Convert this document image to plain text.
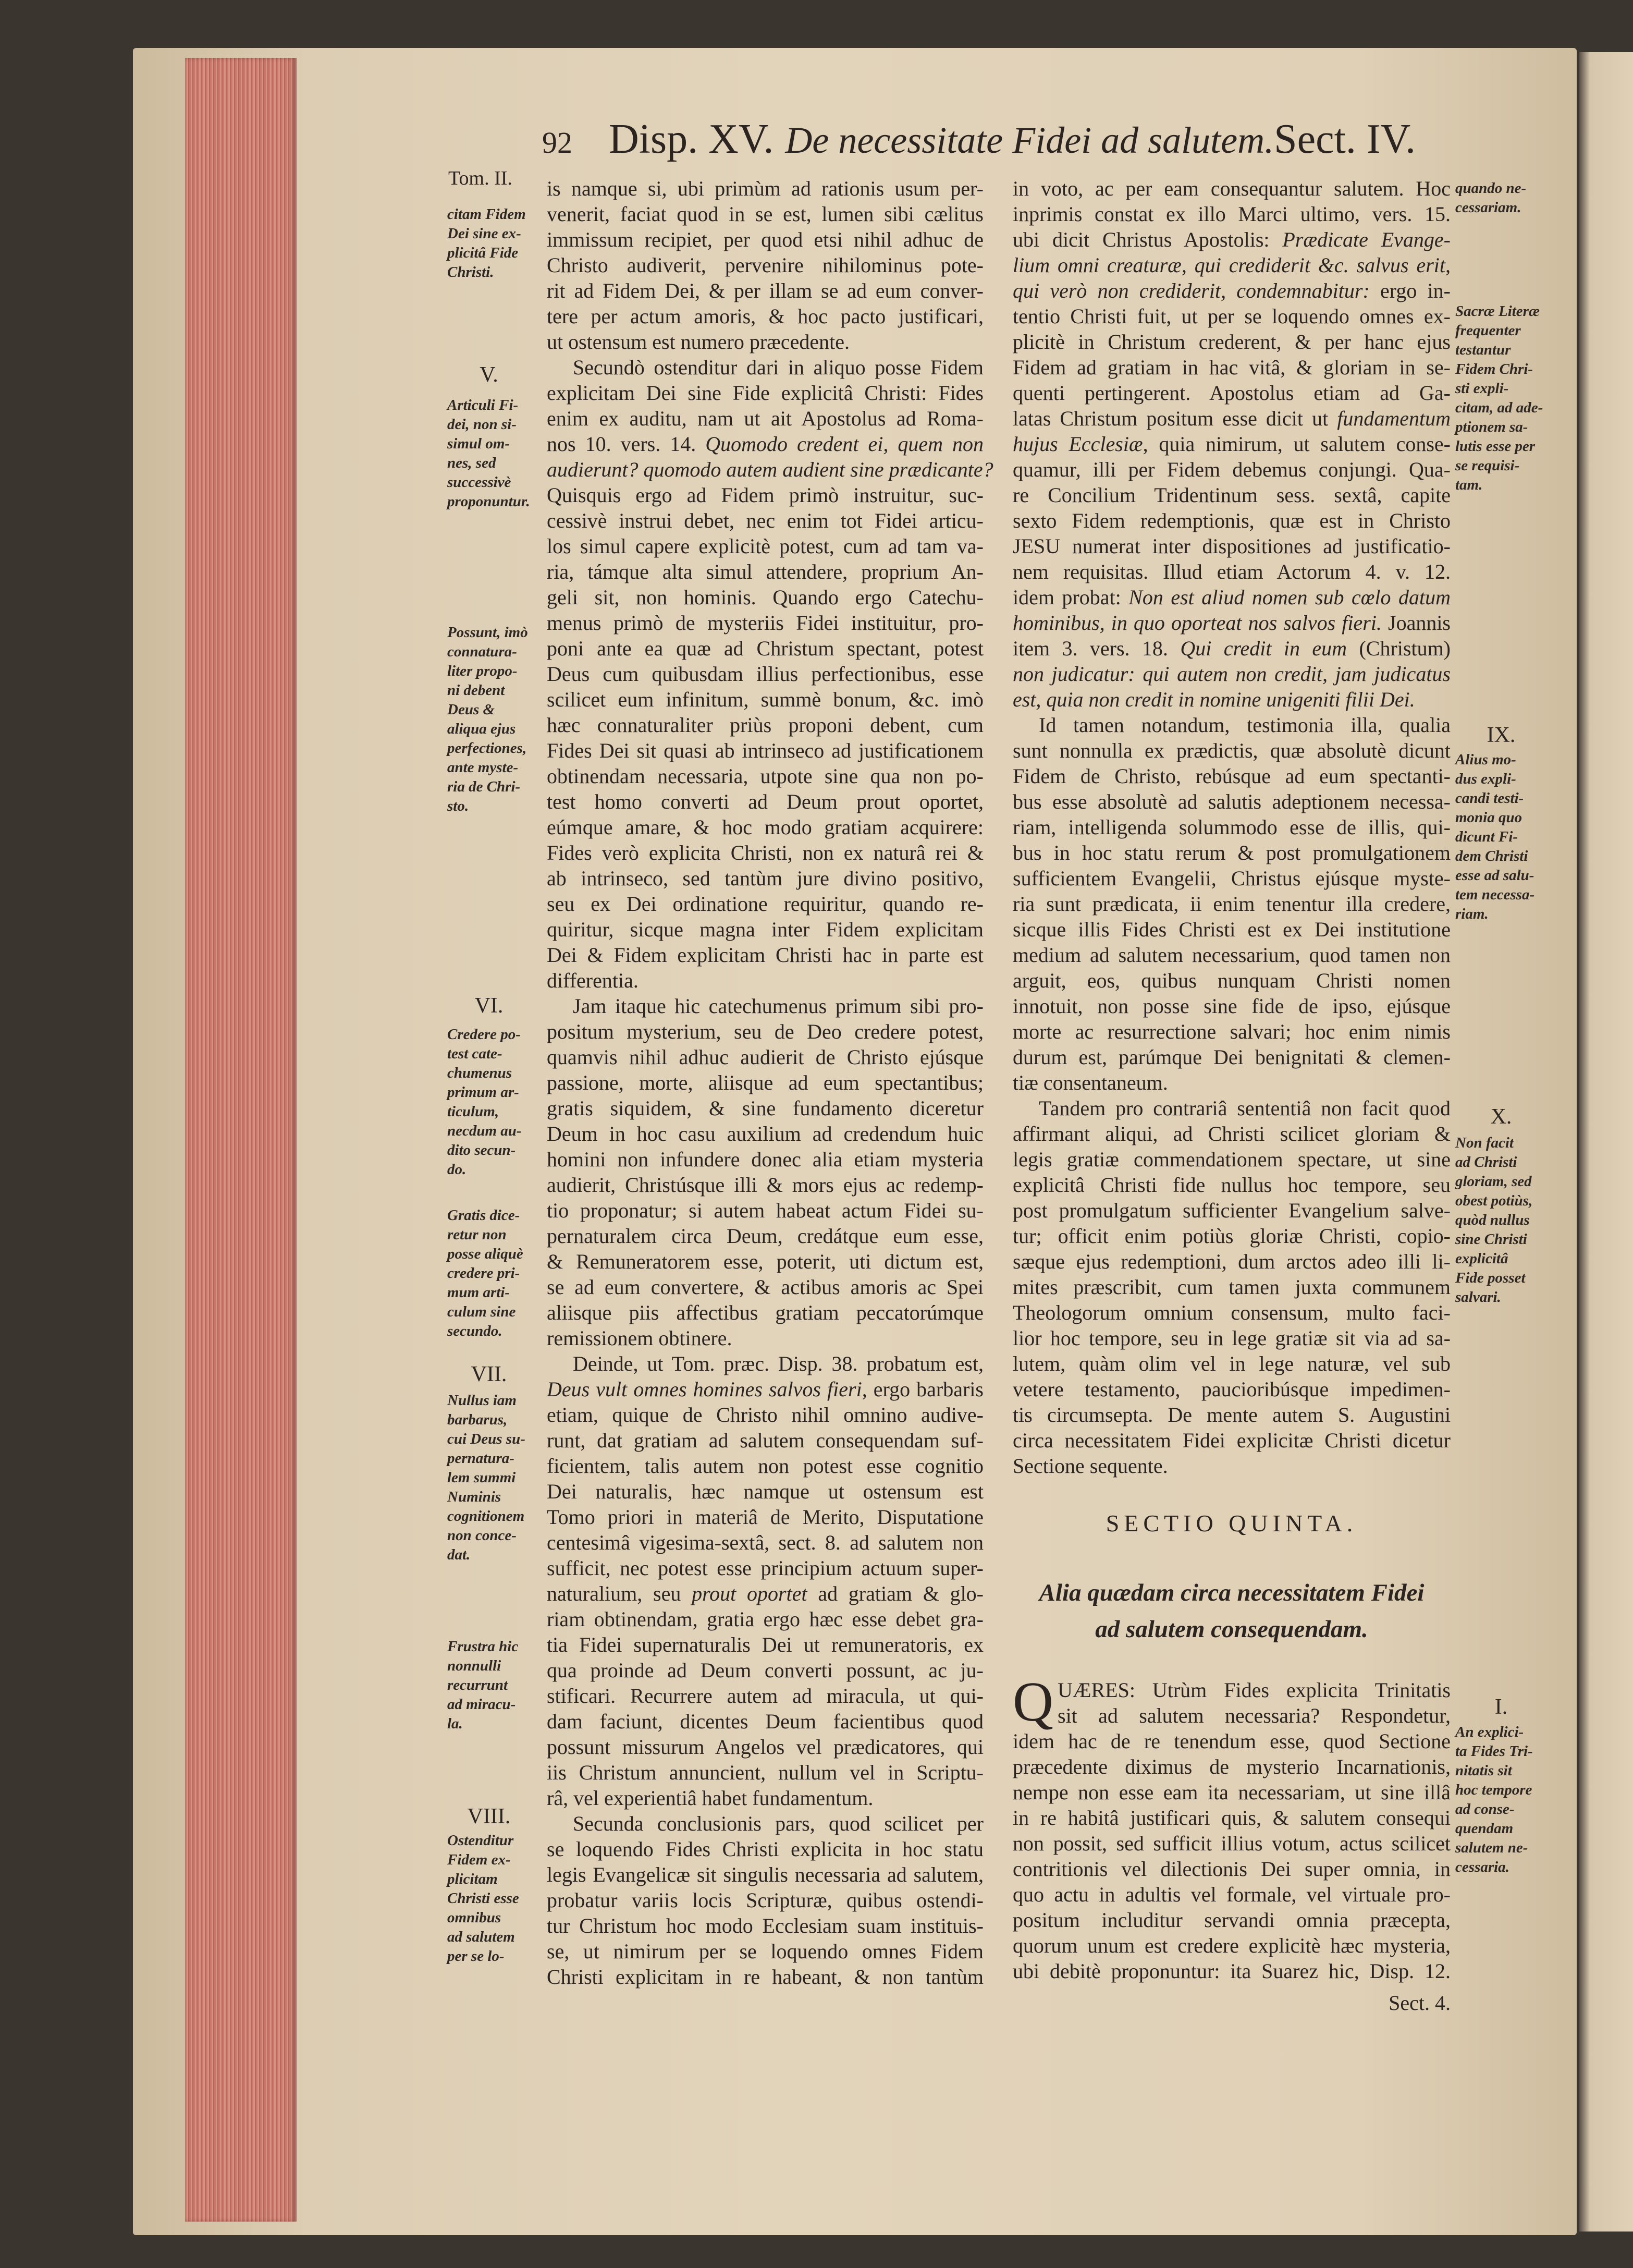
92 Disp. XV. De necessitate Fidei ad salutem. Sect. IV.
Tom. II. is namque si, ubi primùm ad rationis usum per-
venerit, faciat quod in se est, lumen sibi cælitus
immissum recipiet, per quod etsi nihil adhuc de
Christo audiverit, pervenire nihilominus pote-
rit ad Fidem Dei, & per illam se ad eum conver-
tere per actum amoris, & hoc pacto justificari,
ut ostensum est numero præcedente.
Secundò ostenditur dari in aliquo posse Fidem
explicitam Dei sine Fide explicitâ Christi: Fides
enim ex auditu, nam ut ait Apostolus ad Roma-
nos 10. vers. 14. Quomodo credent ei, quem non
audierunt? quomodo autem audient sine prædicante?
Quisquis ergo ad Fidem primò instruitur, suc-
cessivè instrui debet, nec enim tot Fidei articu-
los simul capere explicitè potest, cum ad tam va-
ria, támque alta simul attendere, proprium An-
geli sit, non hominis. Quando ergo Catechu-
menus primò de mysteriis Fidei instituitur, pro-
poni ante ea quæ ad Christum spectant, potest
Deus cum quibusdam illius perfectionibus, esse
scilicet eum infinitum, summè bonum, &c. imò
hæc connaturaliter priùs proponi debent, cum
Fides Dei sit quasi ab intrinseco ad justificationem
obtinendam necessaria, utpote sine qua non po-
test homo converti ad Deum prout oportet,
eúmque amare, & hoc modo gratiam acquirere:
Fides verò explicita Christi, non ex naturâ rei &
ab intrinseco, sed tantùm jure divino positivo,
seu ex Dei ordinatione requiritur, quando re-
quiritur, sicque magna inter Fidem explicitam
Dei & Fidem explicitam Christi hac in parte est
differentia.
Jam itaque hic catechumenus primum sibi pro-
positum mysterium, seu de Deo credere potest,
quamvis nihil adhuc audierit de Christo ejúsque
passione, morte, aliisque ad eum spectantibus;
gratis siquidem, & sine fundamento diceretur
Deum in hoc casu auxilium ad credendum huic
homini non infundere donec alia etiam mysteria
audierit, Christúsque illi & mors ejus ac redemp-
tio proponatur; si autem habeat actum Fidei su-
pernaturalem circa Deum, credátque eum esse,
& Remuneratorem esse, poterit, uti dictum est,
se ad eum convertere, & actibus amoris ac Spei
aliisque piis affectibus gratiam peccatorúmque
remissionem obtinere.
Deinde, ut Tom. præc. Disp. 38. probatum est,
Deus vult omnes homines salvos fieri, ergo barbaris
etiam, quique de Christo nihil omnino audive-
runt, dat gratiam ad salutem consequendam suf-
ficientem, talis autem non potest esse cognitio
Dei naturalis, hæc namque ut ostensum est
Tomo priori in materiâ de Merito, Disputatione
centesimâ vigesima-sextâ, sect. 8. ad salutem non
sufficit, nec potest esse principium actuum super-
naturalium, seu prout oportet ad gratiam & glo-
riam obtinendam, gratia ergo hæc esse debet gra-
tia Fidei supernaturalis Dei ut remuneratoris, ex
qua proinde ad Deum converti possunt, ac ju-
stificari. Recurrere autem ad miracula, ut qui-
dam faciunt, dicentes Deum facientibus quod
possunt missurum Angelos vel prædicatores, qui
iis Christum annuncient, nullum vel in Scriptu-
râ, vel experientiâ habet fundamentum.
Secunda conclusionis pars, quod scilicet per
se loquendo Fides Christi explicita in hoc statu
legis Evangelicæ sit singulis necessaria ad salutem,
probatur variis locis Scripturæ, quibus ostendi-
tur Christum hoc modo Ecclesiam suam instituis-
se, ut nimirum per se loquendo omnes Fidem
Christi explicitam in re habeant, & non tantùm
in voto, ac per eam consequantur salutem. Hoc
inprimis constat ex illo Marci ultimo, vers. 15.
ubi dicit Christus Apostolis: Prædicate Evange-
lium omni creaturæ, qui crediderit &c. salvus erit,
qui verò non crediderit, condemnabitur: ergo in-
tentio Christi fuit, ut per se loquendo omnes ex-
plicitè in Christum crederent, & per hanc ejus
Fidem ad gratiam in hac vitâ, & gloriam in se-
quenti pertingerent. Apostolus etiam ad Ga-
latas Christum positum esse dicit ut fundamentum
hujus Ecclesiæ, quia nimirum, ut salutem conse-
quamur, illi per Fidem debemus conjungi. Qua-
re Concilium Tridentinum sess. sextâ, capite
sexto Fidem redemptionis, quæ est in Christo
JESU numerat inter dispositiones ad justificatio-
nem requisitas. Illud etiam Actorum 4. v. 12.
idem probat: Non est aliud nomen sub cœlo datum
hominibus, in quo oporteat nos salvos fieri. Joannis
item 3. vers. 18. Qui credit in eum (Christum)
non judicatur: qui autem non credit, jam judicatus
est, quia non credit in nomine unigeniti filii Dei.
Id tamen notandum, testimonia illa, qualia
sunt nonnulla ex prædictis, quæ absolutè dicunt
Fidem de Christo, rebúsque ad eum spectanti-
bus esse absolutè ad salutis adeptionem necessa-
riam, intelligenda solummodo esse de illis, qui-
bus in hoc statu rerum & post promulgationem
sufficientem Evangelii, Christus ejúsque myste-
ria sunt prædicata, ii enim tenentur illa credere,
sicque illis Fides Christi est ex Dei institutione
medium ad salutem necessarium, quod tamen non
arguit, eos, quibus nunquam Christi nomen
innotuit, non posse sine fide de ipso, ejúsque
morte ac resurrectione salvari; hoc enim nimis
durum est, parúmque Dei benignitati & clemen-
tiæ consentaneum.
Tandem pro contrariâ sententiâ non facit quod
affirmant aliqui, ad Christi scilicet gloriam &
legis gratiæ commendationem spectare, ut sine
explicitâ Christi fide nullus hoc tempore, seu
post promulgatum sufficienter Evangelium salve-
tur; officit enim potiùs gloriæ Christi, copio-
sæque ejus redemptioni, dum arctos adeo illi li-
mites præscribit, cum tamen juxta communem
Theologorum omnium consensum, multo faci-
lior hoc tempore, seu in lege gratiæ sit via ad sa-
lutem, quàm olim vel in lege naturæ, vel sub
vetere testamento, paucioribúsque impedimen-
tis circumsepta. De mente autem S. Augustini
circa necessitatem Fidei explicitæ Christi dicetur
Sectione sequente.
SECTIO QUINTA.
Alia quædam circa necessitatem Fidei
ad salutem consequendam.
Q UÆRES: Utrùm Fides explicita Trinitatis
sit ad salutem necessaria? Respondetur,
idem hac de re tenendum esse, quod Sectione
præcedente diximus de mysterio Incarnationis,
nempe non esse eam ita necessariam, ut sine illâ
in re habitâ justificari quis, & salutem consequi
non possit, sed sufficit illius votum, actus scilicet
contritionis vel dilectionis Dei super omnia, in
quo actu in adultis vel formale, vel virtuale pro-
positum includitur servandi omnia præcepta,
quorum unum est credere explicitè hæc mysteria,
ubi debitè proponuntur: ita Suarez hic, Disp. 12.
Sect. 4.
citam Fidem
Dei sine ex-
plicitâ Fide
Christi.
V.
Articuli Fi-
dei, non si-
simul om-
nes, sed
successivè
proponuntur.
Possunt, imò
connatura-
liter propo-
ni debent
Deus &
aliqua ejus
perfectiones,
ante myste-
ria de Chri-
sto.
VI.
Credere po-
test cate-
chumenus
primum ar-
ticulum,
necdum au-
dito secun-
do.
Gratis dice-
retur non
posse aliquè
credere pri-
mum arti-
culum sine
secundo.
VII.
Nullus iam
barbarus,
cui Deus su-
pernatura-
lem summi
Numinis
cognitionem
non conce-
dat.
Frustra hic
nonnulli
recurrunt
ad miracu-
la.
VIII.
Ostenditur
Fidem ex-
plicitam
Christi esse
omnibus
ad salutem
per se lo-
quando ne-
cessariam.
Sacræ Literæ
frequenter
testantur
Fidem Chri-
sti expli-
citam, ad ade-
ptionem sa-
lutis esse per
se requisi-
tam.
IX.
Alius mo-
dus expli-
candi testi-
monia quo
dicunt Fi-
dem Christi
esse ad salu-
tem necessa-
riam.
X.
Non facit
ad Christi
gloriam, sed
obest potiùs,
quòd nullus
sine Christi
explicitâ
Fide posset
salvari.
I.
An explici-
ta Fides Tri-
nitatis sit
hoc tempore
ad conse-
quendam
salutem ne-
cessaria.
